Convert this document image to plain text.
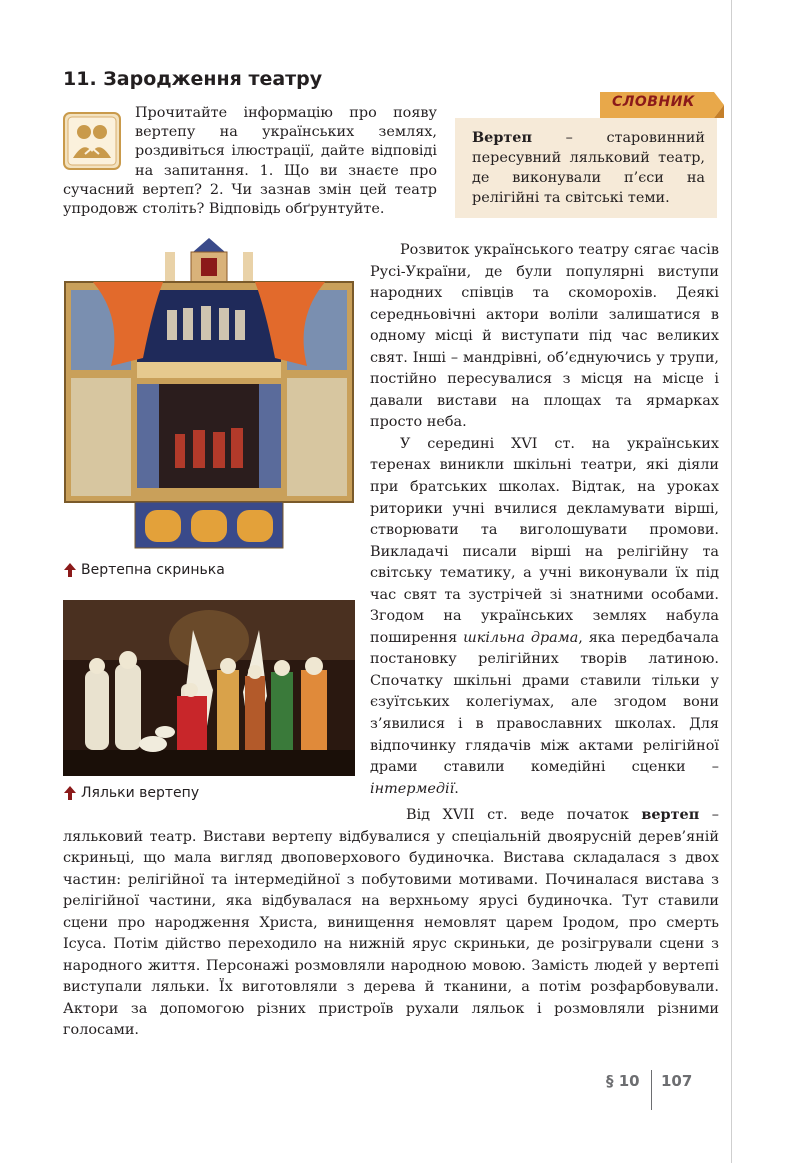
11. Зародження театру

Прочитайте інформацію про появу вертепу на українських землях, роздивіться ілюстрації, дайте відповіді на запитання. 1. Що ви знаєте про сучасний вертеп? 2. Чи зазнав змін цей театр упродовж століть? Відповідь обґрунтуйте.

СЛОВНИК
Вертеп – старовинний пересувний ляльковий театр, де виконували п’єси на релігійні та світські теми.
Вертепна скринька
Ляльки вертепу

Розвиток українського театру сягає часів Русі-України, де були популярні виступи народних співців та скоморохів. Деякі середньовічні актори воліли залишатися в одному місці й виступати під час великих свят. Інші – мандрівні, об’єднуючись у трупи, постійно пересувалися з місця на місце і давали вистави на площах та ярмарках просто неба.

У середині XVI ст. на українських теренах виникли шкільні театри, які діяли при братських школах. Відтак, на уроках риторики учні вчилися декламувати вірші, створювати та виголошувати промови. Викладачі писали вірші на релігійну та світську тематику, а учні виконували їх під час свят та зустрічей зі знатними особами. Згодом на українських землях набула поширення шкільна драма, яка передбачала постановку релігійних творів латиною. Спочатку шкільні драми ставили тільки у єзуїтських колегіумах, але згодом вони з’явилися і в православних школах. Для відпочинку глядачів між актами релігійної драми ставили комедійні сценки – інтермедії.

Від XVII ст. веде початок вертеп – ляльковий театр. Вистави вертепу відбувалися у спеціальній двоярусній дерев’яній скриньці, що мала вигляд двоповерхового будиночка. Вистава складалася з двох частин: релігійної та інтермедійної з побутовими мотивами. Починалася вистава з релігійної частини, яка відбувалася на верхньому ярусі будиночка. Тут ставили сцени про народження Христа, винищення немовлят царем Іродом, про смерть Ісуса. Потім дійство переходило на нижній ярус скриньки, де розігрували сцени з народного життя. Персонажі розмовляли народною мовою. Замість людей у вертепі виступали ляльки. Їх виготовляли з дерева й тканини, а потім розфарбовували. Актори за допомогою різних пристроїв рухали ляльок і розмовляли різними голосами.

§ 10 107
